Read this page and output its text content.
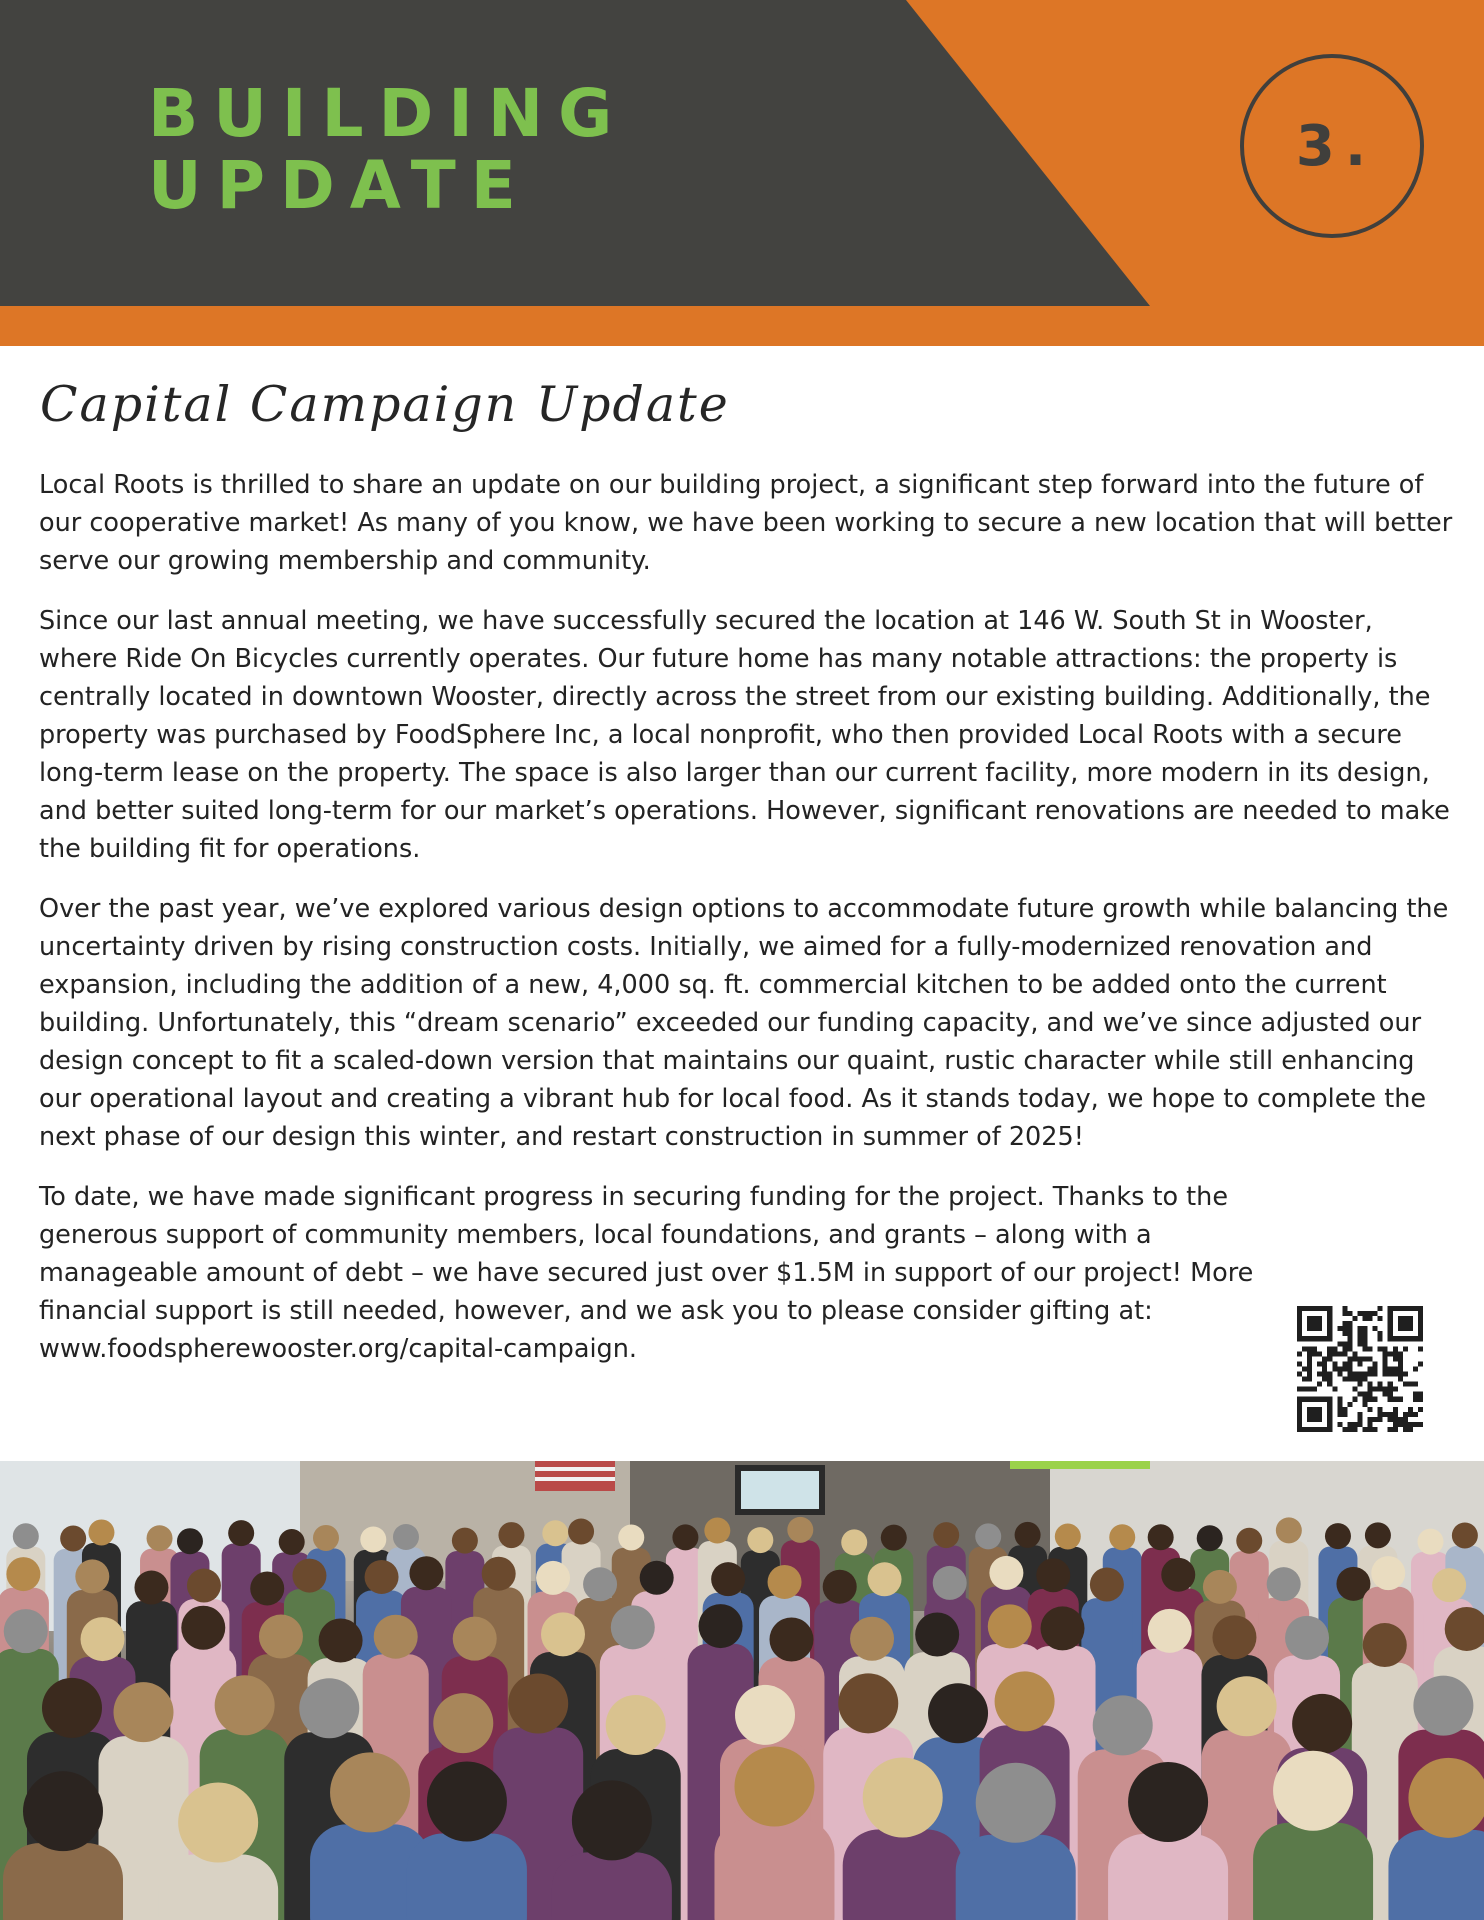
BUILDING
UPDATE
3.
Capital Campaign Update

Local Roots is thrilled to share an update on our building project, a significant step forward into the future of our cooperative market! As many of you know, we have been working to secure a new location that will better serve our growing membership and community.

Since our last annual meeting, we have successfully secured the location at 146 W. South St in Wooster, where Ride On Bicycles currently operates. Our future home has many notable attractions: the property is centrally located in downtown Wooster, directly across the street from our existing building. Additionally, the property was purchased by FoodSphere Inc, a local nonprofit, who then provided Local Roots with a secure long-term lease on the property. The space is also larger than our current facility, more modern in its design, and better suited long-term for our market’s operations. However, significant renovations are needed to make the building fit for operations.

Over the past year, we’ve explored various design options to accommodate future growth while balancing the uncertainty driven by rising construction costs. Initially, we aimed for a fully-modernized renovation and expansion, including the addition of a new, 4,000 sq. ft. commercial kitchen to be added onto the current building. Unfortunately, this “dream scenario” exceeded our funding capacity, and we’ve since adjusted our design concept to fit a scaled-down version that maintains our quaint, rustic character while still enhancing our operational layout and creating a vibrant hub for local food. As it stands today, we hope to complete the next phase of our design this winter, and restart construction in summer of 2025!

To date, we have made significant progress in securing funding for the project. Thanks to the generous support of community members, local foundations, and grants – along with a manageable amount of debt – we have secured just over $1.5M in support of our project! More financial support is still needed, however, and we ask you to please consider gifting at: www.foodspherewooster.org/capital-campaign.
